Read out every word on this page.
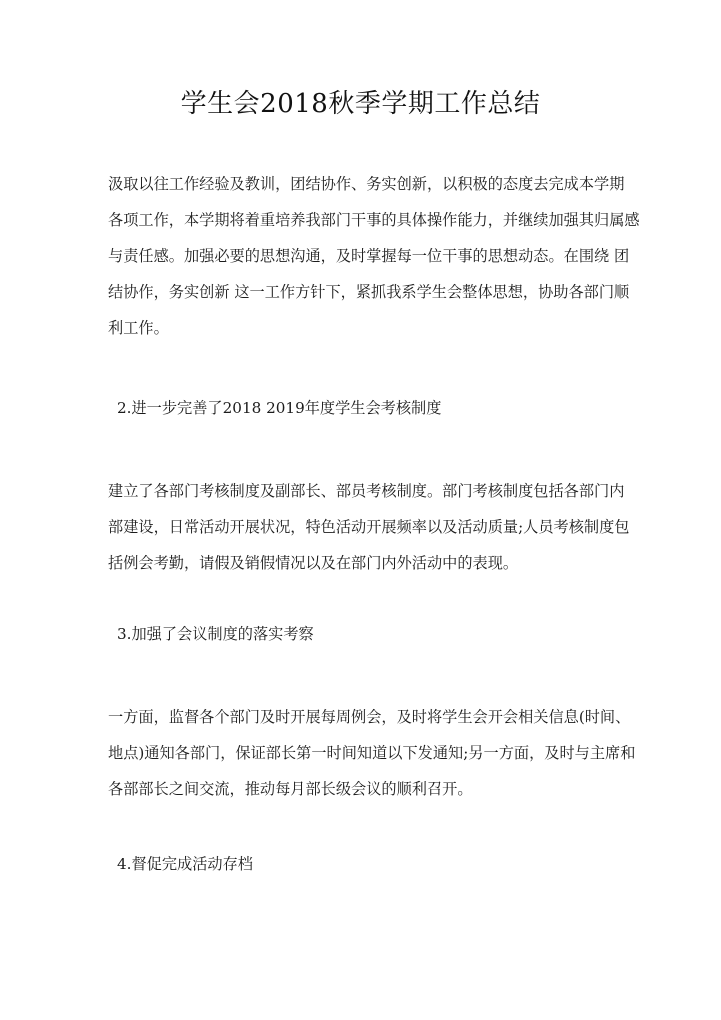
学生会2018秋季学期工作总结
汲取以往工作经验及教训，团结协作、务实创新，以积极的态度去完成本学期
各项工作，本学期将着重培养我部门干事的具体操作能力，并继续加强其归属感
与责任感。加强必要的思想沟通，及时掌握每一位干事的思想动态。在围绕 团
结协作，务实创新 这一工作方针下，紧抓我系学生会整体思想，协助各部门顺
利工作。

2.进一步完善了2018 2019年度学生会考核制度

建立了各部门考核制度及副部长、部员考核制度。部门考核制度包括各部门内
部建设，日常活动开展状况，特色活动开展频率以及活动质量;人员考核制度包
括例会考勤，请假及销假情况以及在部门内外活动中的表现。

3.加强了会议制度的落实考察

一方面，监督各个部门及时开展每周例会，及时将学生会开会相关信息(时间、
地点)通知各部门，保证部长第一时间知道以下发通知;另一方面，及时与主席和
各部部长之间交流，推动每月部长级会议的顺利召开。

4.督促完成活动存档
